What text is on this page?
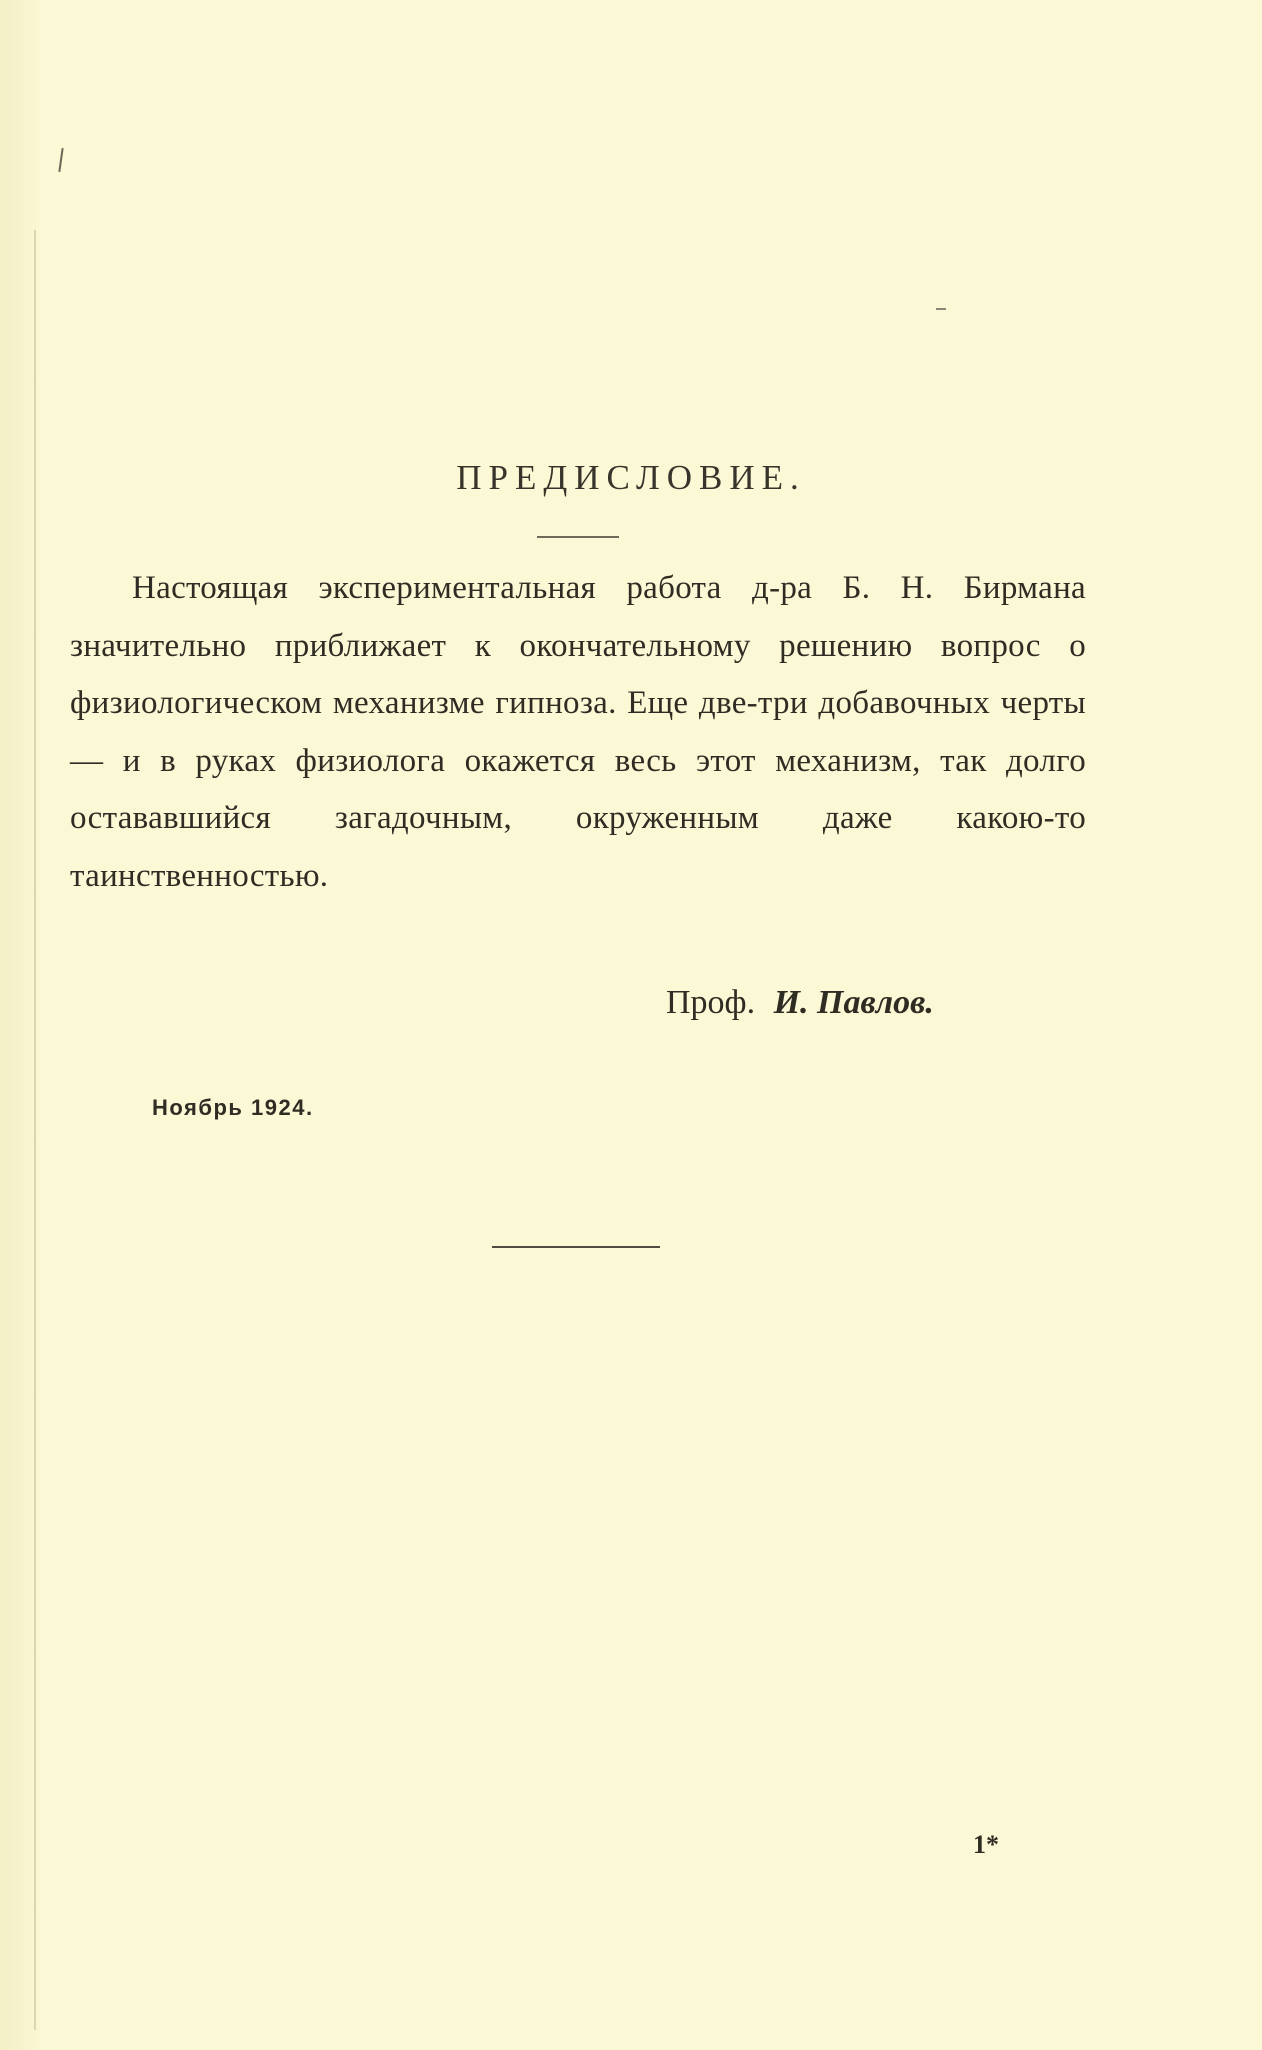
ПРЕДИСЛОВИЕ.
Настоящая экспериментальная работа д-ра Б. Н. Бирмана значительно приближает к окончательному решению вопрос о физиологическом механизме гипноза. Еще две-три добавочных черты — и в руках физиолога окажется весь этот механизм, так долго остававшийся загадочным, окруженным даже какою-то таинственностью.
Проф. И. Павлов.
Ноябрь 1924.
1*
